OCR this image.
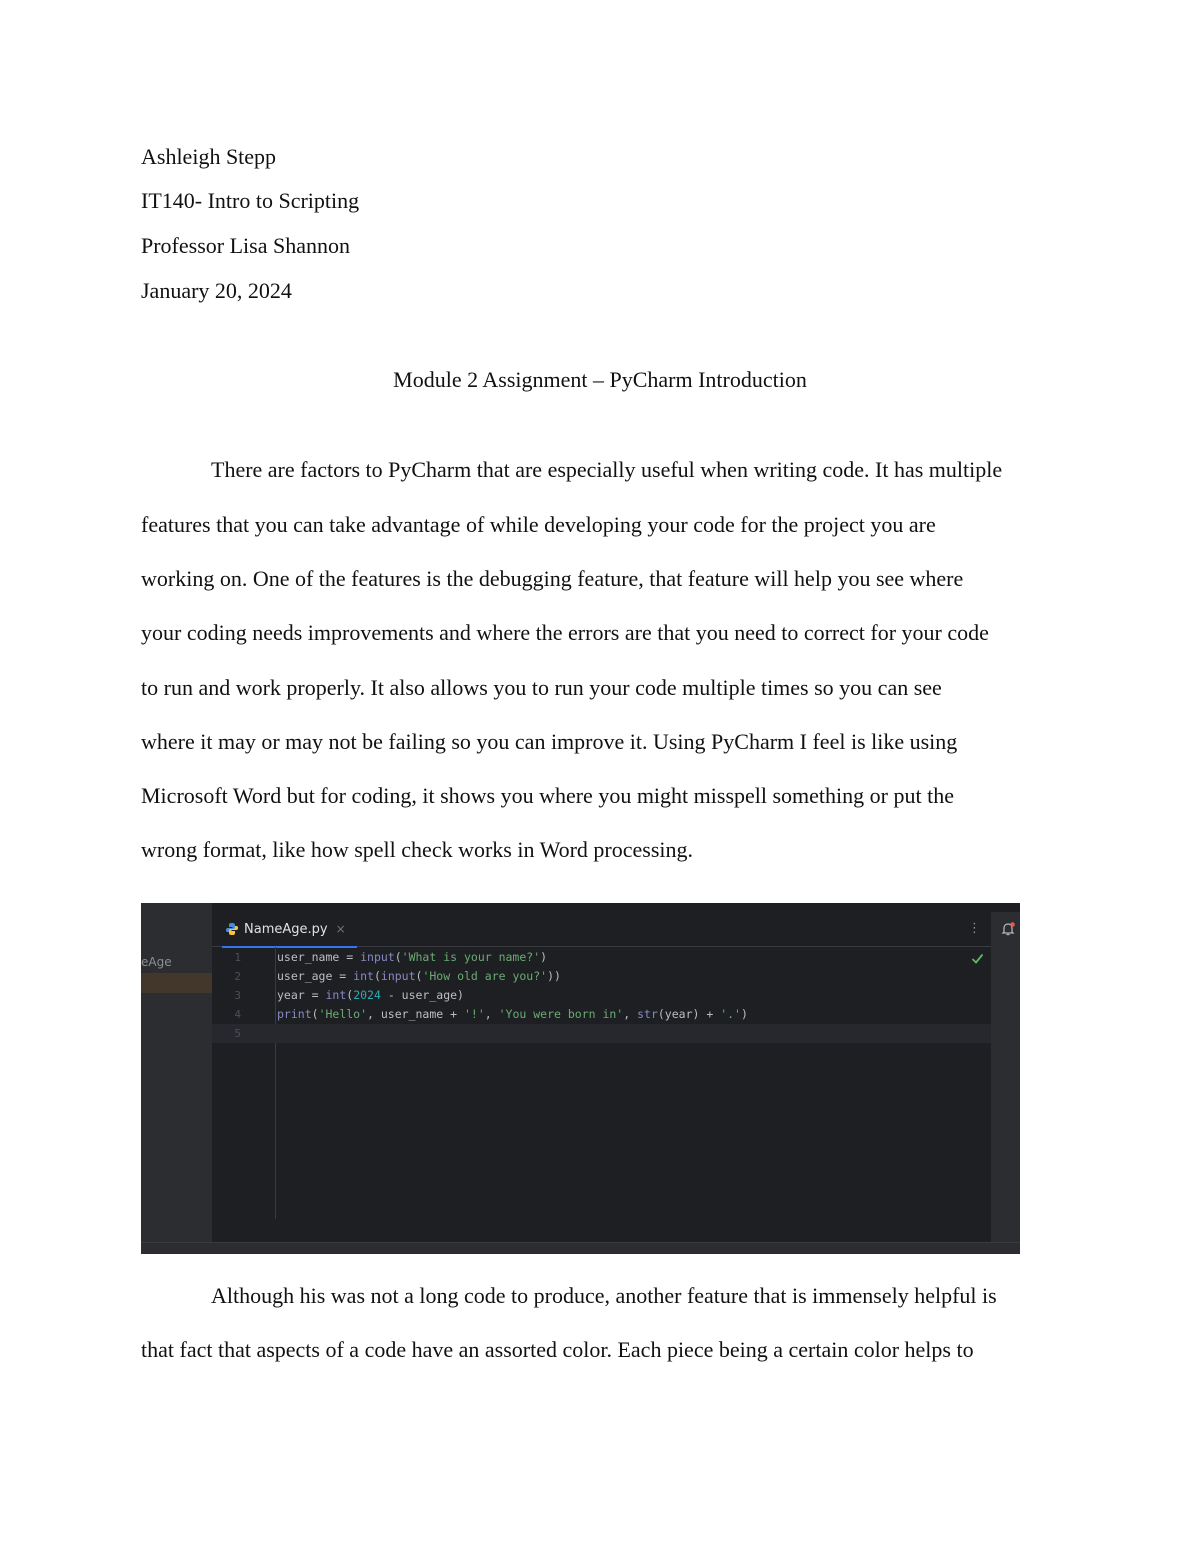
Ashleigh Stepp
IT140- Intro to Scripting
Professor Lisa Shannon
January 20, 2024
Module 2 Assignment – PyCharm Introduction
There are factors to PyCharm that are especially useful when writing code. It has multiple
features that you can take advantage of while developing your code for the project you are
working on. One of the features is the debugging feature, that feature will help you see where
your coding needs improvements and where the errors are that you need to correct for your code
to run and work properly. It also allows you to run your code multiple times so you can see
where it may or may not be failing so you can improve it. Using PyCharm I feel is like using
Microsoft Word but for coding, it shows you where you might misspell something or put the
wrong format, like how spell check works in Word processing.
eAge
NameAge.py ×	⋮
1
2
3
4
5
user_name = input('What is your name?')
user_age = int(input('How old are you?'))
year = int(2024 - user_age)
print('Hello', user_name + '!', 'You were born in', str(year) + '.')
Although his was not a long code to produce, another feature that is immensely helpful is
that fact that aspects of a code have an assorted color. Each piece being a certain color helps to
